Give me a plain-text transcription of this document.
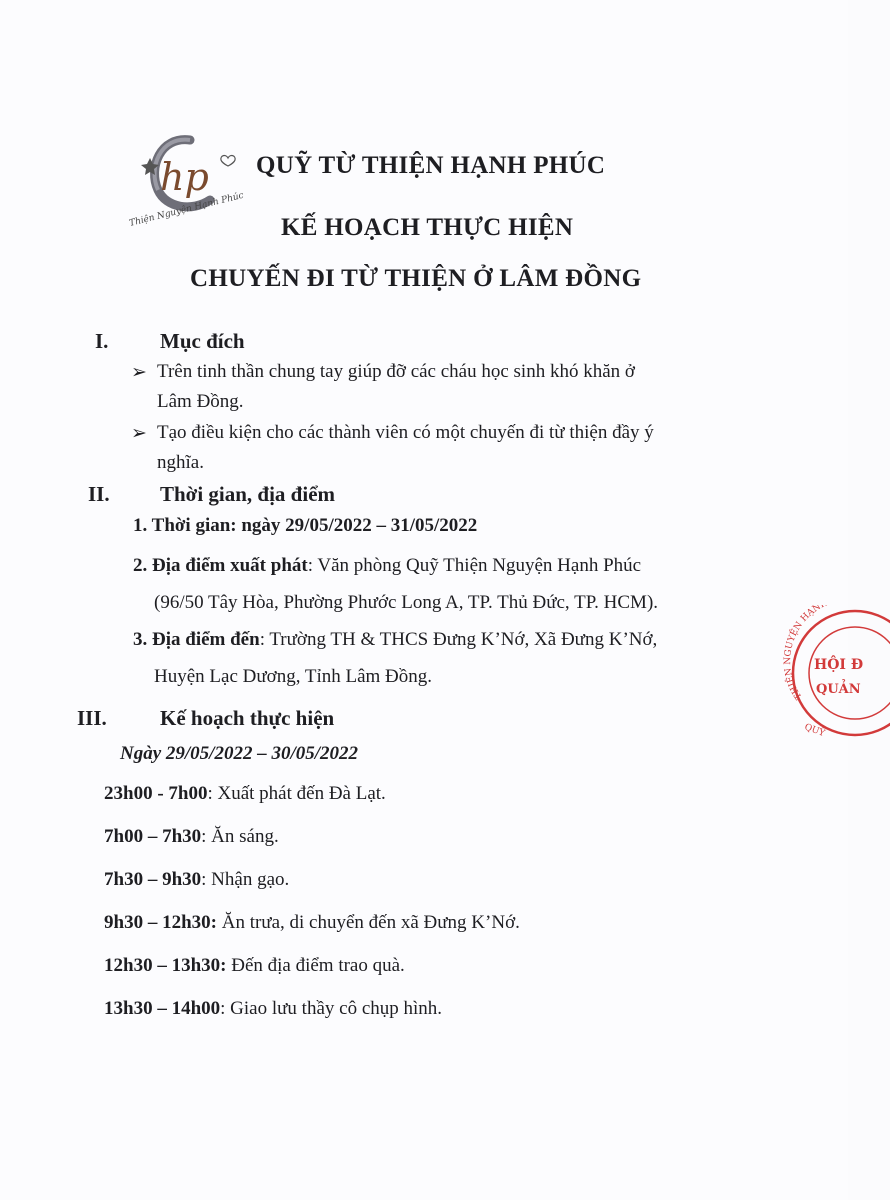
hp
Thiện Nguyện Hạnh Phúc
QUỸ TỪ THIỆN HẠNH PHÚC
KẾ HOẠCH THỰC HIỆN
CHUYẾN ĐI TỪ THIỆN Ở LÂM ĐỒNG
I. Mục đích
➢ Trên tinh thần chung tay giúp đỡ các cháu học sinh khó khăn ở
Lâm Đồng.
➢ Tạo điều kiện cho các thành viên có một chuyến đi từ thiện đầy ý
nghĩa.
II. Thời gian, địa điểm
1. Thời gian: ngày 29/05/2022 – 31/05/2022
2. Địa điểm xuất phát: Văn phòng Quỹ Thiện Nguyện Hạnh Phúc
(96/50 Tây Hòa, Phường Phước Long A, TP. Thủ Đức, TP. HCM).
3. Địa điểm đến: Trường TH & THCS Đưng K’Nớ, Xã Đưng K’Nớ,
Huyện Lạc Dương, Tỉnh Lâm Đồng.
III.	Kế hoạch thực hiện
Ngày 29/05/2022 – 30/05/2022
23h00 - 7h00: Xuất phát đến Đà Lạt.
7h00 – 7h30: Ăn sáng.
7h30 – 9h30: Nhận gạo.
9h30 – 12h30: Ăn trưa, di chuyển đến xã Đưng K’Nớ.
12h30 – 13h30: Đến địa điểm trao quà.
13h30 – 14h00: Giao lưu thầy cô chụp hình.
THIỆN NGUYỆN HẠN
HỘI Đ
QUẢN
QUỸ
